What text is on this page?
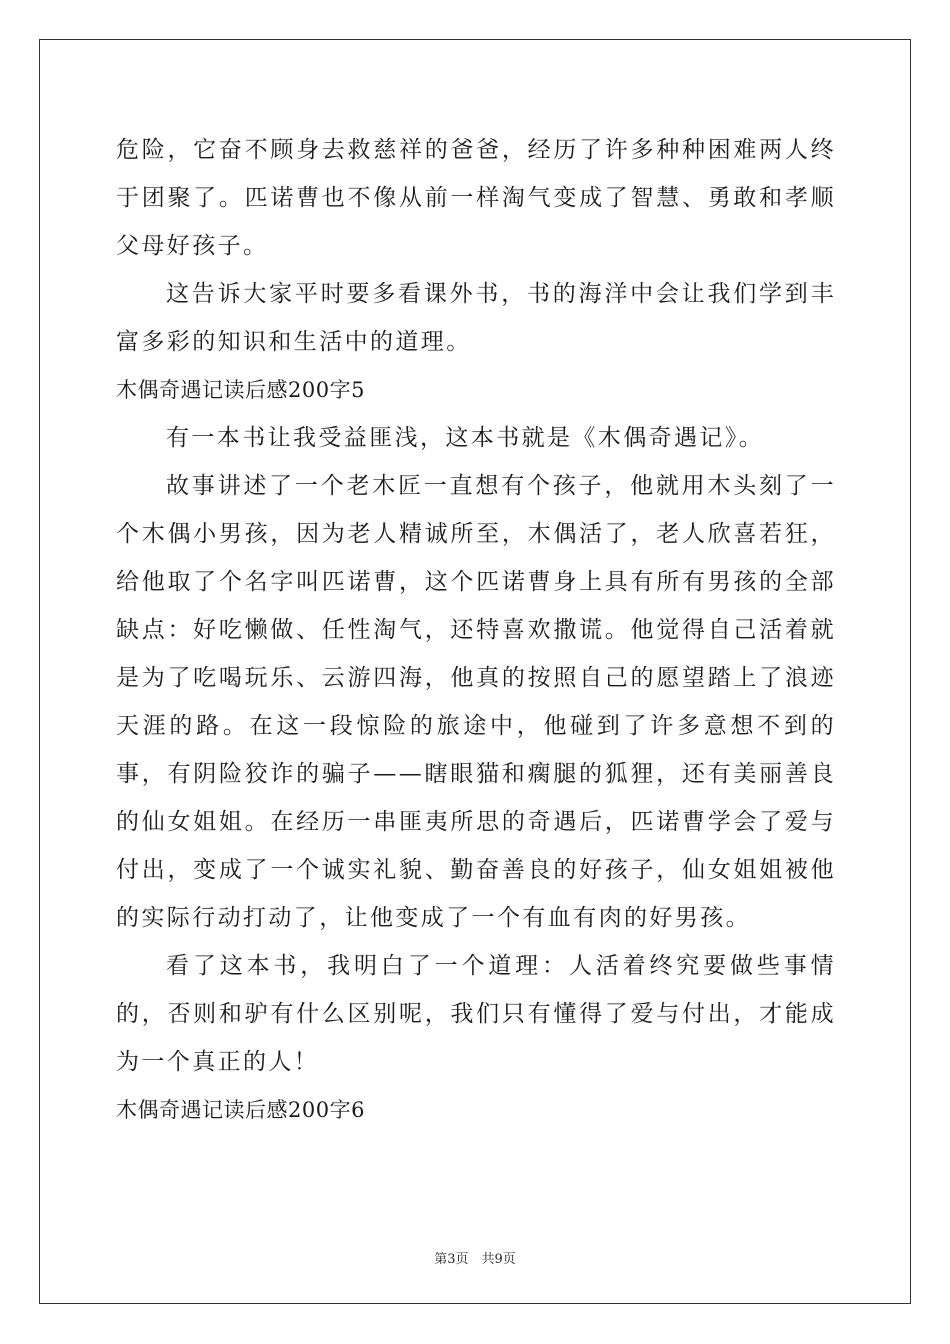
危险，它奋不顾身去救慈祥的爸爸，经历了许多种种困难两人终于团聚了。匹诺曹也不像从前一样淘气变成了智慧、勇敢和孝顺父母好孩子。

这告诉大家平时要多看课外书，书的海洋中会让我们学到丰富多彩的知识和生活中的道理。

木偶奇遇记读后感200字5

有一本书让我受益匪浅，这本书就是《木偶奇遇记》。

故事讲述了一个老木匠一直想有个孩子，他就用木头刻了一个木偶小男孩，因为老人精诚所至，木偶活了，老人欣喜若狂，给他取了个名字叫匹诺曹，这个匹诺曹身上具有所有男孩的全部缺点：好吃懒做、任性淘气，还特喜欢撒谎。他觉得自己活着就是为了吃喝玩乐、云游四海，他真的按照自己的愿望踏上了浪迹天涯的路。在这一段惊险的旅途中，他碰到了许多意想不到的事，有阴险狡诈的骗子——瞎眼猫和瘸腿的狐狸，还有美丽善良的仙女姐姐。在经历一串匪夷所思的奇遇后，匹诺曹学会了爱与付出，变成了一个诚实礼貌、勤奋善良的好孩子，仙女姐姐被他的实际行动打动了，让他变成了一个有血有肉的好男孩。

看了这本书，我明白了一个道理：人活着终究要做些事情的，否则和驴有什么区别呢，我们只有懂得了爱与付出，才能成为一个真正的人！

木偶奇遇记读后感200字6

第3页　共9页
